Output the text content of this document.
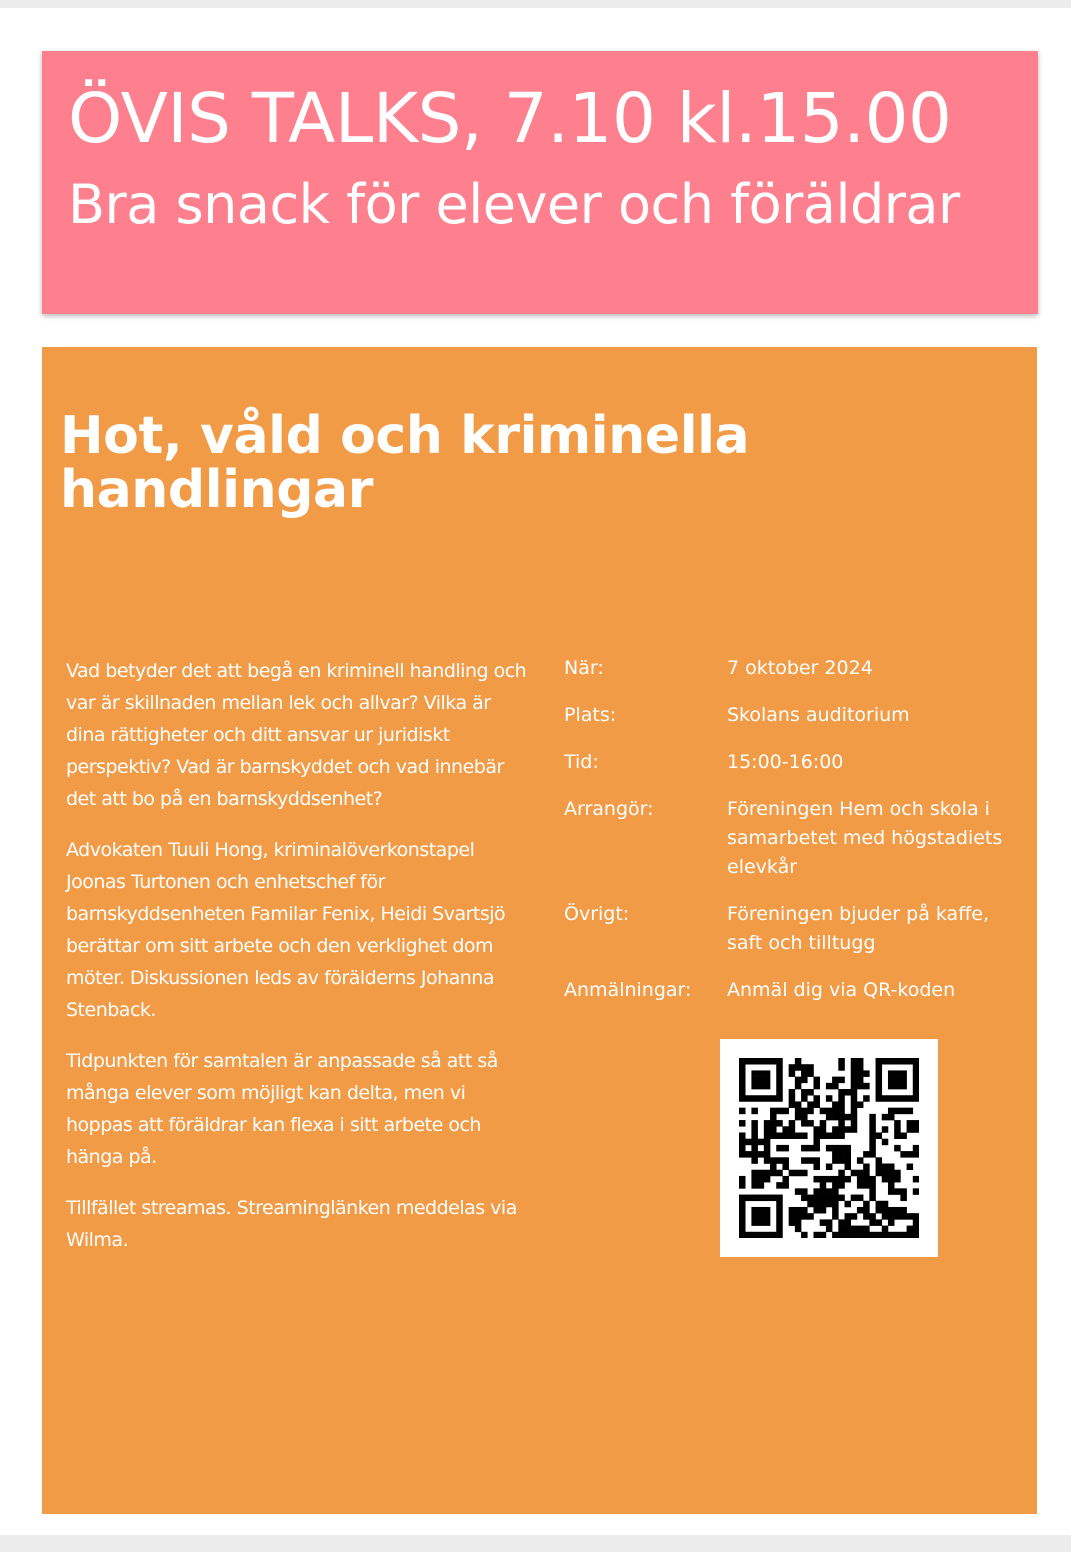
ÖVIS TALKS, 7.10 kl.15.00
Bra snack för elever och föräldrar
Hot, våld och kriminella handlingar

Vad betyder det att begå en kriminell handling och var är skillnaden mellan lek och allvar? Vilka är dina rättigheter och ditt ansvar ur juridiskt perspektiv? Vad är barnskyddet och vad innebär det att bo på en barnskyddsenhet?

Advokaten Tuuli Hong, kriminalöverkonstapel Joonas Turtonen och enhetschef för barnskyddsenheten Familar Fenix, Heidi Svartsjö berättar om sitt arbete och den verklighet dom möter. Diskussionen leds av förälderns Johanna Stenback.

Tidpunkten för samtalen är anpassade så att så många elever som möjligt kan delta, men vi hoppas att föräldrar kan flexa i sitt arbete och hänga på.

Tillfället streamas. Streaminglänken meddelas via Wilma.

När:	7 oktober 2024
Plats:	Skolans auditorium
Tid:	15:00-16:00
Arrangör:	Föreningen Hem och skola i samarbetet med högstadiets elevkår
Övrigt:	Föreningen bjuder på kaffe, saft och tilltugg
Anmälningar:	Anmäl dig via QR-koden
